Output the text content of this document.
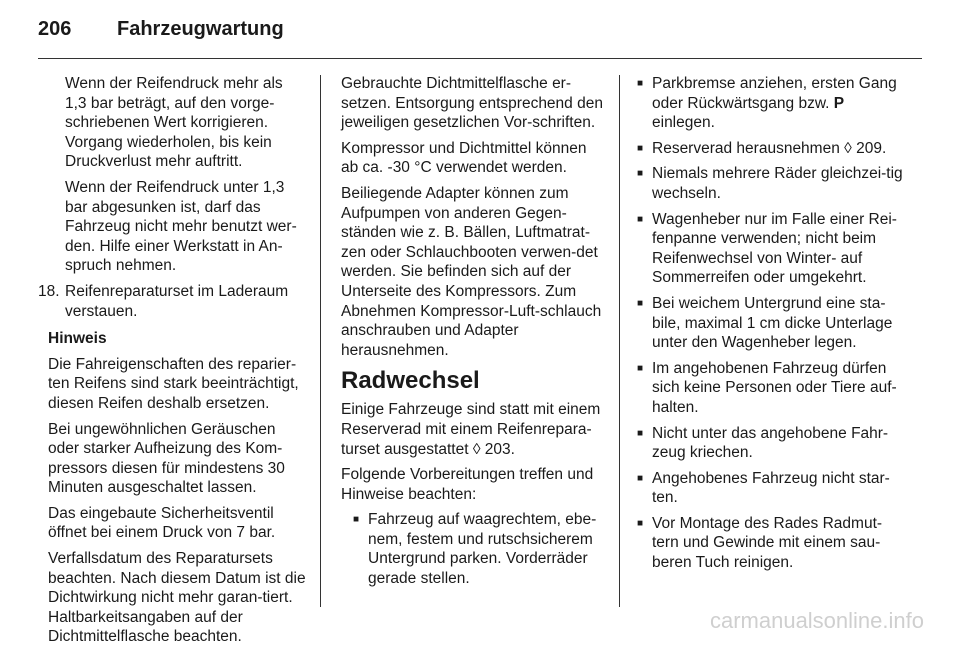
206	Fahrzeugwartung

Wenn der Reifendruck mehr als 1,3 bar beträgt, auf den vorge-schriebenen Wert korrigieren. Vorgang wiederholen, bis kein Druckverlust mehr auftritt.

Wenn der Reifendruck unter 1,3 bar abgesunken ist, darf das Fahrzeug nicht mehr benutzt wer-den. Hilfe einer Werkstatt in An-spruch nehmen.

18. Reifenreparaturset im Laderaum verstauen.

Hinweis

Die Fahreigenschaften des reparier-ten Reifens sind stark beeinträchtigt, diesen Reifen deshalb ersetzen.

Bei ungewöhnlichen Geräuschen oder starker Aufheizung des Kom-pressors diesen für mindestens 30 Minuten ausgeschaltet lassen.

Das eingebaute Sicherheitsventil öffnet bei einem Druck von 7 bar.

Verfallsdatum des Reparatursets beachten. Nach diesem Datum ist die Dichtwirkung nicht mehr garan-tiert. Haltbarkeitsangaben auf der Dichtmittelflasche beachten.

Gebrauchte Dichtmittelflasche er-setzen. Entsorgung entsprechend den jeweiligen gesetzlichen Vor-schriften.

Kompressor und Dichtmittel können ab ca. -30 °C verwendet werden.

Beiliegende Adapter können zum Aufpumpen von anderen Gegen-ständen wie z. B. Bällen, Luftmatrat-zen oder Schlauchbooten verwen-det werden. Sie befinden sich auf der Unterseite des Kompressors. Zum Abnehmen Kompressor-Luft-schlauch anschrauben und Adapter herausnehmen.

Radwechsel

Einige Fahrzeuge sind statt mit einem Reserverad mit einem Reifenrepara-turset ausgestattet ◊ 203.

Folgende Vorbereitungen treffen und Hinweise beachten:

■ Fahrzeug auf waagrechtem, ebe-nem, festem und rutschsicherem Untergrund parken. Vorderräder gerade stellen.
■ Parkbremse anziehen, ersten Gang oder Rückwärtsgang bzw. P einlegen.
■ Reserverad herausnehmen ◊ 209.
■ Niemals mehrere Räder gleichzei-tig wechseln.
■ Wagenheber nur im Falle einer Rei-fenpanne verwenden; nicht beim Reifenwechsel von Winter- auf Sommerreifen oder umgekehrt.
■ Bei weichem Untergrund eine sta-bile, maximal 1 cm dicke Unterlage unter den Wagenheber legen.
■ Im angehobenen Fahrzeug dürfen sich keine Personen oder Tiere auf-halten.
■ Nicht unter das angehobene Fahr-zeug kriechen.
■ Angehobenes Fahrzeug nicht star-ten.
■ Vor Montage des Rades Radmut-tern und Gewinde mit einem sau-beren Tuch reinigen.
carmanualsonline.info
